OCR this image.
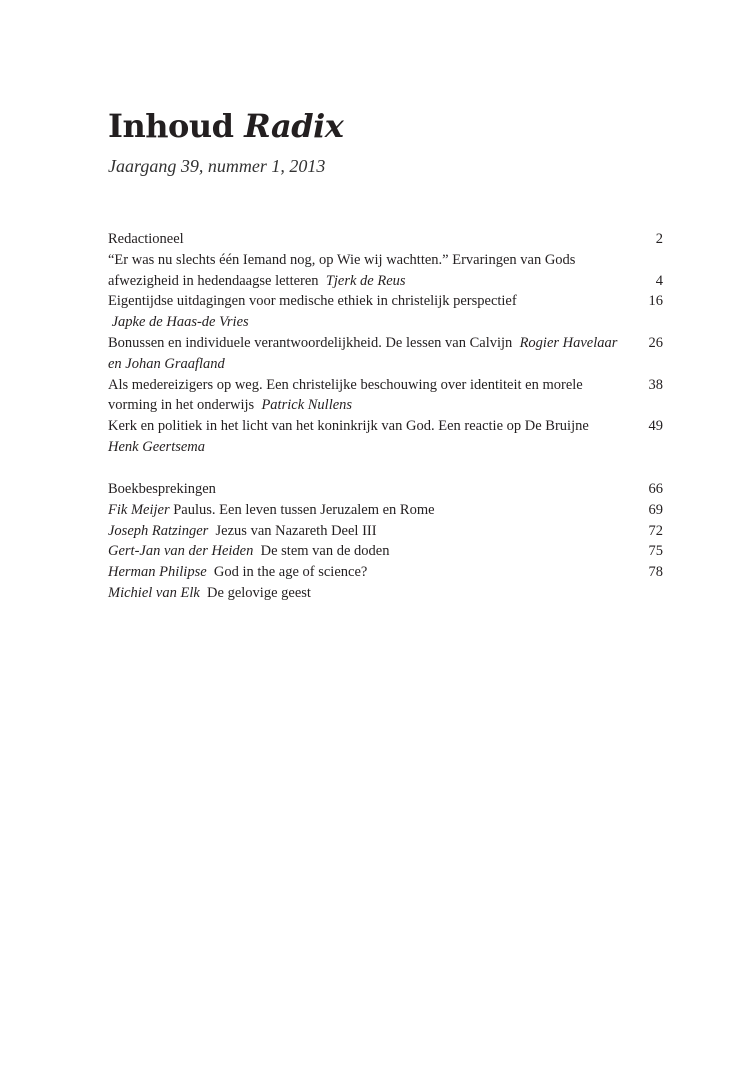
Inhoud Radix

Jaargang 39, nummer 1, 2013

Redactioneel	2
“Er was nu slechts één Iemand nog, op Wie wij wachtten.” Ervaringen van Gods
afwezigheid in hedendaagse letteren Tjerk de Reus	4
Eigentijdse uitdagingen voor medische ethiek in christelijk perspectief	16
Japke de Haas-de Vries
Bonussen en individuele verantwoordelijkheid. De lessen van Calvijn Rogier Havelaar	26
en Johan Graafland
Als medereizigers op weg. Een christelijke beschouwing over identiteit en morele	38
vorming in het onderwijs Patrick Nullens
Kerk en politiek in het licht van het koninkrijk van God. Een reactie op De Bruijne	49
Henk Geertsema
Boekbesprekingen	66
Fik Meijer Paulus. Een leven tussen Jeruzalem en Rome	69
Joseph Ratzinger Jezus van Nazareth Deel III	72
Gert-Jan van der Heiden De stem van de doden	75
Herman Philipse God in the age of science?	78
Michiel van Elk De gelovige geest
